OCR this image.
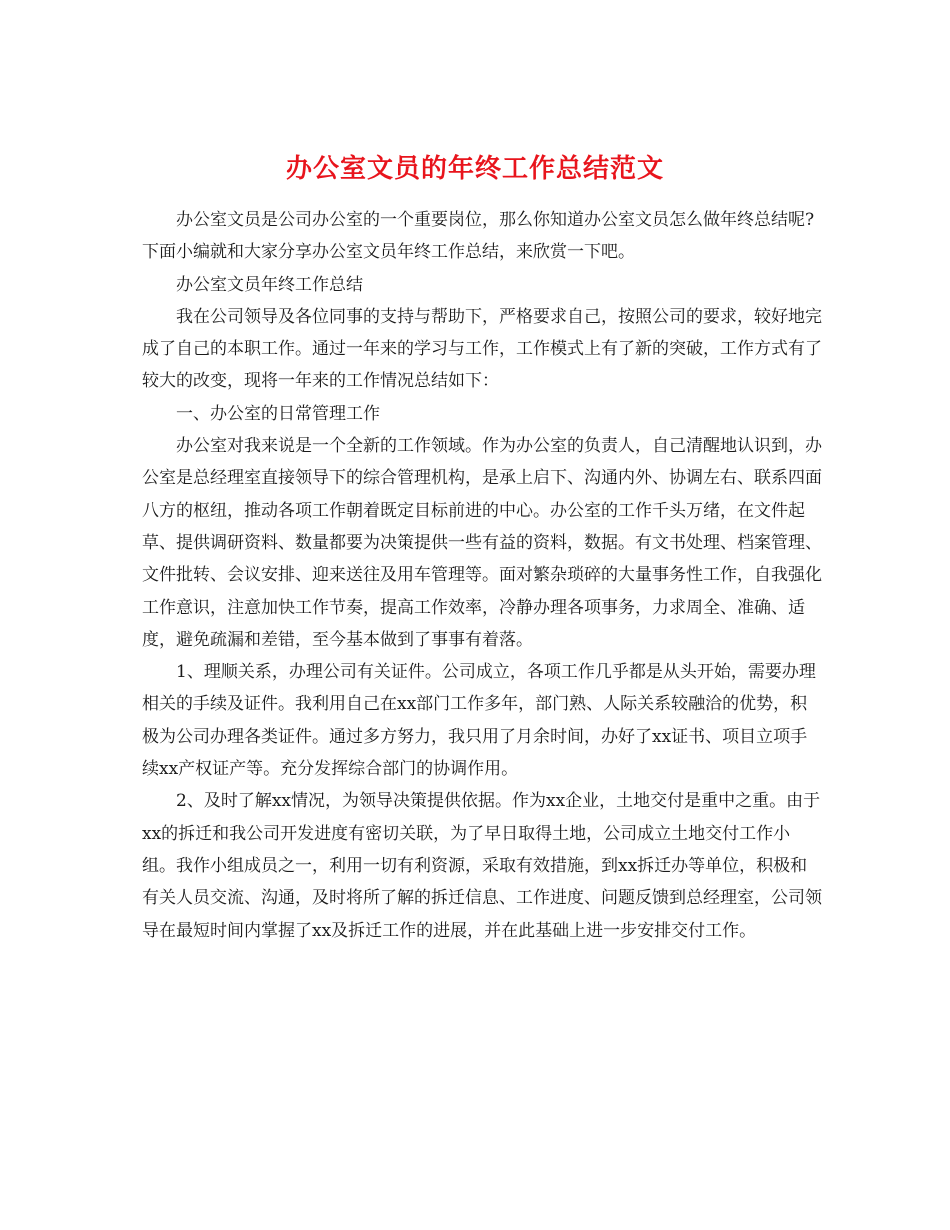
办公室文员的年终工作总结范文

办公室文员是公司办公室的一个重要岗位，那么你知道办公室文员怎么做年终总结呢?下面小编就和大家分享办公室文员年终工作总结，来欣赏一下吧。

办公室文员年终工作总结

我在公司领导及各位同事的支持与帮助下，严格要求自己，按照公司的要求，较好地完成了自己的本职工作。通过一年来的学习与工作，工作模式上有了新的突破，工作方式有了较大的改变，现将一年来的工作情况总结如下：

一、办公室的日常管理工作

办公室对我来说是一个全新的工作领域。作为办公室的负责人，自己清醒地认识到，办公室是总经理室直接领导下的综合管理机构，是承上启下、沟通内外、协调左右、联系四面八方的枢纽，推动各项工作朝着既定目标前进的中心。办公室的工作千头万绪，在文件起草、提供调研资料、数量都要为决策提供一些有益的资料，数据。有文书处理、档案管理、文件批转、会议安排、迎来送往及用车管理等。面对繁杂琐碎的大量事务性工作，自我强化工作意识，注意加快工作节奏，提高工作效率，冷静办理各项事务，力求周全、准确、适度，避免疏漏和差错，至今基本做到了事事有着落。

1、理顺关系，办理公司有关证件。公司成立，各项工作几乎都是从头开始，需要办理相关的手续及证件。我利用自己在xx部门工作多年，部门熟、人际关系较融洽的优势，积极为公司办理各类证件。通过多方努力，我只用了月余时间，办好了xx证书、项目立项手续xx产权证产等。充分发挥综合部门的协调作用。

2、及时了解xx情况，为领导决策提供依据。作为xx企业，土地交付是重中之重。由于xx的拆迁和我公司开发进度有密切关联，为了早日取得土地，公司成立土地交付工作小组。我作小组成员之一，利用一切有利资源，采取有效措施，到xx拆迁办等单位，积极和有关人员交流、沟通，及时将所了解的拆迁信息、工作进度、问题反馈到总经理室，公司领导在最短时间内掌握了xx及拆迁工作的进展，并在此基础上进一步安排交付工作。
